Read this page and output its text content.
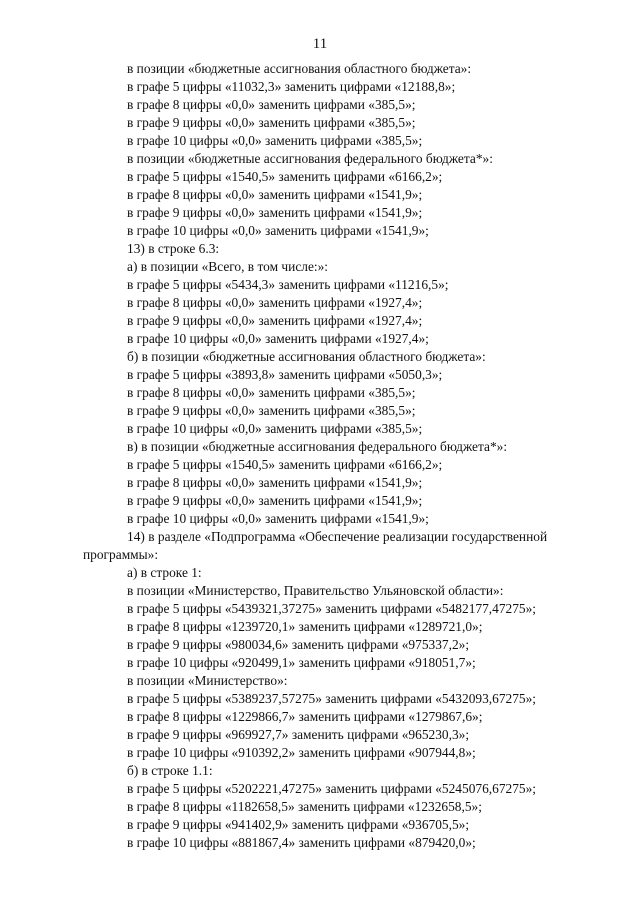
11
в позиции «бюджетные ассигнования областного бюджета»:
в графе 5 цифры «11032,3» заменить цифрами «12188,8»;
в графе 8 цифры «0,0» заменить цифрами «385,5»;
в графе 9 цифры «0,0» заменить цифрами «385,5»;
в графе 10 цифры «0,0» заменить цифрами «385,5»;
в позиции «бюджетные ассигнования федерального бюджета*»:
в графе 5 цифры «1540,5» заменить цифрами «6166,2»;
в графе 8 цифры «0,0» заменить цифрами «1541,9»;
в графе 9 цифры «0,0» заменить цифрами «1541,9»;
в графе 10 цифры «0,0» заменить цифрами «1541,9»;
13) в строке 6.3:
а) в позиции «Всего, в том числе:»:
в графе 5 цифры «5434,3» заменить цифрами «11216,5»;
в графе 8 цифры «0,0» заменить цифрами «1927,4»;
в графе 9 цифры «0,0» заменить цифрами «1927,4»;
в графе 10 цифры «0,0» заменить цифрами «1927,4»;
б) в позиции «бюджетные ассигнования областного бюджета»:
в графе 5 цифры «3893,8» заменить цифрами «5050,3»;
в графе 8 цифры «0,0» заменить цифрами «385,5»;
в графе 9 цифры «0,0» заменить цифрами «385,5»;
в графе 10 цифры «0,0» заменить цифрами «385,5»;
в) в позиции «бюджетные ассигнования федерального бюджета*»:
в графе 5 цифры «1540,5» заменить цифрами «6166,2»;
в графе 8 цифры «0,0» заменить цифрами «1541,9»;
в графе 9 цифры «0,0» заменить цифрами «1541,9»;
в графе 10 цифры «0,0» заменить цифрами «1541,9»;
14) в разделе «Подпрограмма «Обеспечение реализации государственной
программы»:
а) в строке 1:
в позиции «Министерство, Правительство Ульяновской области»:
в графе 5 цифры «5439321,37275» заменить цифрами «5482177,47275»;
в графе 8 цифры «1239720,1» заменить цифрами «1289721,0»;
в графе 9 цифры «980034,6» заменить цифрами «975337,2»;
в графе 10 цифры «920499,1» заменить цифрами «918051,7»;
в позиции «Министерство»:
в графе 5 цифры «5389237,57275» заменить цифрами «5432093,67275»;
в графе 8 цифры «1229866,7» заменить цифрами «1279867,6»;
в графе 9 цифры «969927,7» заменить цифрами «965230,3»;
в графе 10 цифры «910392,2» заменить цифрами «907944,8»;
б) в строке 1.1:
в графе 5 цифры «5202221,47275» заменить цифрами «5245076,67275»;
в графе 8 цифры «1182658,5» заменить цифрами «1232658,5»;
в графе 9 цифры «941402,9» заменить цифрами «936705,5»;
в графе 10 цифры «881867,4» заменить цифрами «879420,0»;
